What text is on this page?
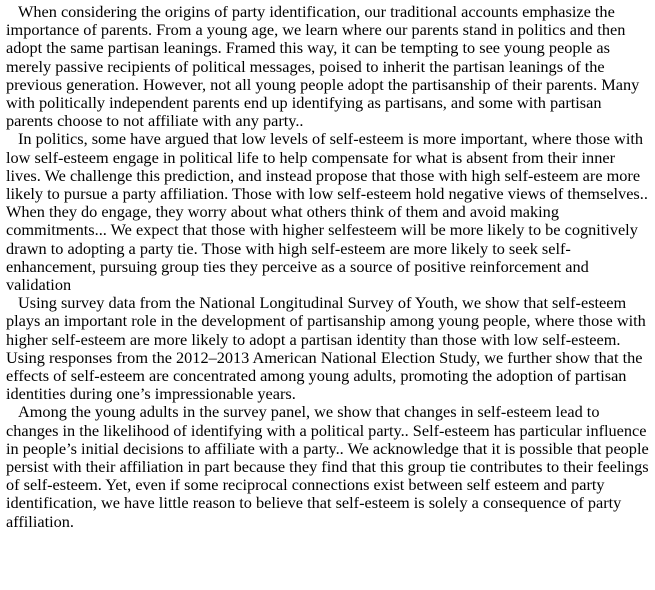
When considering the origins of party identification, our traditional accounts emphasize the importance of parents. From a young age, we learn where our parents stand in politics and then adopt the same partisan leanings. Framed this way, it can be tempting to see young people as merely passive recipients of political messages, poised to inherit the partisan leanings of the previous generation. However, not all young people adopt the partisanship of their parents. Many with politically independent parents end up identifying as partisans, and some with partisan parents choose to not affiliate with any party..

In politics, some have argued that low levels of self-esteem is more important, where those with low self-esteem engage in political life to help compensate for what is absent from their inner lives. We challenge this prediction, and instead propose that those with high self-esteem are more likely to pursue a party affiliation. Those with low self-esteem hold negative views of themselves.. When they do engage, they worry about what others think of them and avoid making commitments... We expect that those with higher selfesteem will be more likely to be cognitively drawn to adopting a party tie. Those with high self-esteem are more likely to seek self-enhancement, pursuing group ties they perceive as a source of positive reinforcement and validation

Using survey data from the National Longitudinal Survey of Youth, we show that self-esteem plays an important role in the development of partisanship among young people, where those with higher self-esteem are more likely to adopt a partisan identity than those with low self-esteem. Using responses from the 2012–2013 American National Election Study, we further show that the effects of self-esteem are concentrated among young adults, promoting the adoption of partisan identities during one’s impressionable years.

Among the young adults in the survey panel, we show that changes in self-esteem lead to changes in the likelihood of identifying with a political party.. Self-esteem has particular influence in people’s initial decisions to affiliate with a party.. We acknowledge that it is possible that people persist with their affiliation in part because they find that this group tie contributes to their feelings of self-esteem. Yet, even if some reciprocal connections exist between self esteem and party identification, we have little reason to believe that self-esteem is solely a consequence of party affiliation.
